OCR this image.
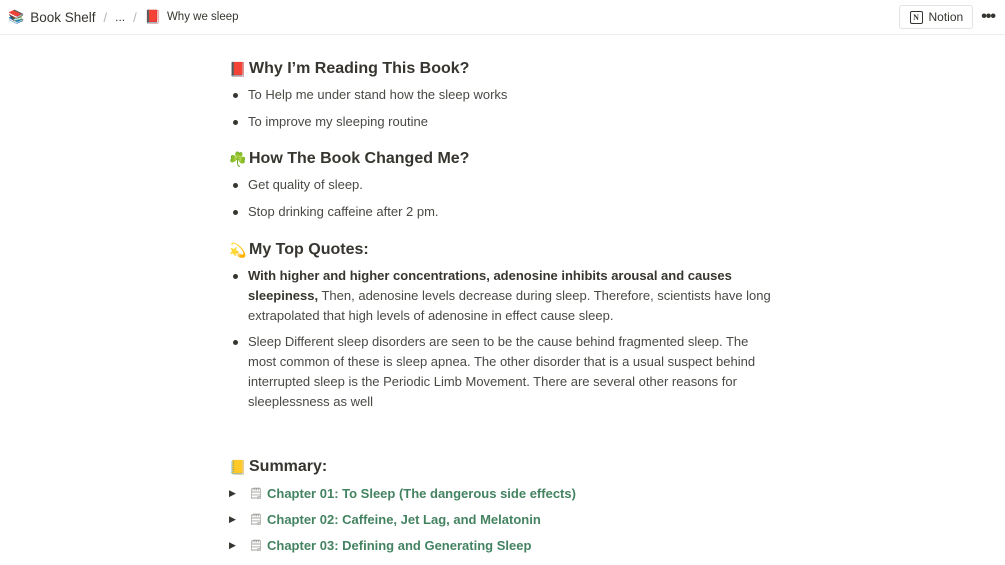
📚 Book Shelf / ... / 📕 Why we sleep	N Notion •••
📕 Why I’m Reading This Book?
To Help me under stand how the sleep works
To improve my sleeping routine
☘️ How The Book Changed Me?
Get quality of sleep.
Stop drinking caffeine after 2 pm.
💫 My Top Quotes:
With higher and higher concentrations, adenosine inhibits arousal and causes sleepiness, Then, adenosine levels decrease during sleep. Therefore, scientists have long extrapolated that high levels of adenosine in effect cause sleep.
Sleep Different sleep disorders are seen to be the cause behind fragmented sleep. The most common of these is sleep apnea. The other disorder that is a usual suspect behind interrupted sleep is the Periodic Limb Movement. There are several other reasons for sleeplessness as well
📒 Summary:
▶	🗒 Chapter 01: To Sleep (The dangerous side effects)
▶	🗒 Chapter 02: Caffeine, Jet Lag, and Melatonin
▶	🗒 Chapter 03: Defining and Generating Sleep
